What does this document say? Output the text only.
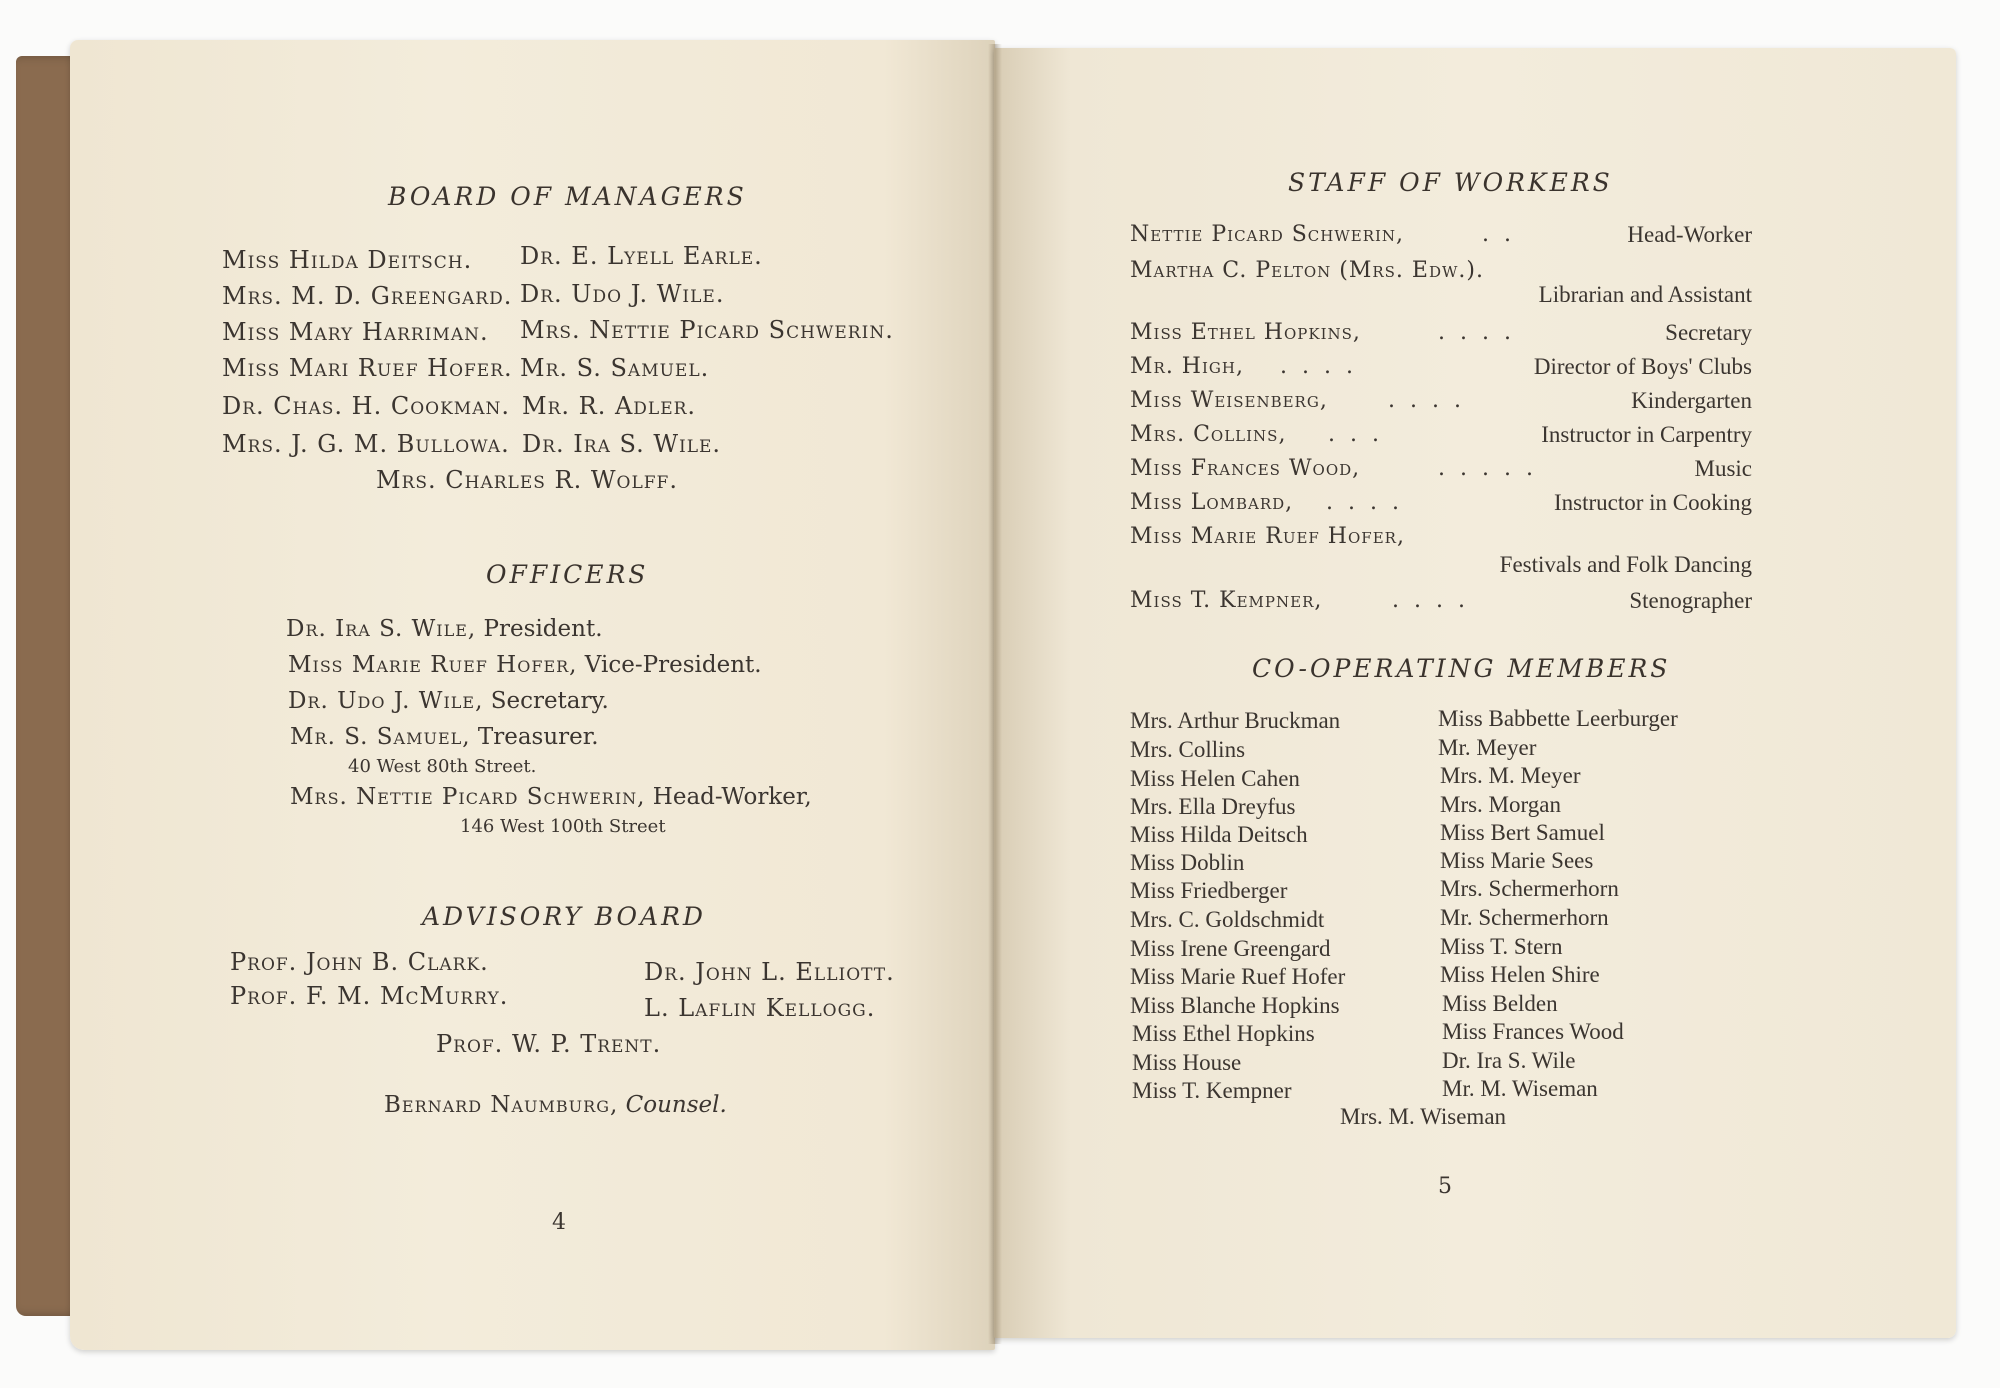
BOARD OF MANAGERS
Miss Hilda Deitsch.
Mrs. M. D. Greengard.
Miss Mary Harriman.
Miss Mari Ruef Hofer.
Dr. Chas. H. Cookman.
Mrs. J. G. M. Bullowa.
Dr. E. Lyell Earle.
Dr. Udo J. Wile.
Mrs. Nettie Picard Schwerin.
Mr. S. Samuel.
Mr. R. Adler.
Dr. Ira S. Wile.
Mrs. Charles R. Wolff.
OFFICERS
Dr. Ira S. Wile, President.
Miss Marie Ruef Hofer, Vice-President.
Dr. Udo J. Wile, Secretary.
Mr. S. Samuel, Treasurer.
40 West 80th Street.
Mrs. Nettie Picard Schwerin, Head-Worker,
146 West 100th Street
ADVISORY BOARD
Prof. John B. Clark.
Prof. F. M. McMurry.
Dr. John L. Elliott.
L. Laflin Kellogg.
Prof. W. P. Trent.
Bernard Naumburg, Counsel.
4
STAFF OF WORKERS
Nettie Picard Schwerin,	. .	Head-Worker
Martha C. Pelton (Mrs. Edw.).
Librarian and Assistant
Miss Ethel Hopkins,	. . . .	Secretary
Mr. High, . . . .	Director of Boys' Clubs
Miss Weisenberg,	. . . .	Kindergarten
Mrs. Collins, . . .	Instructor in Carpentry
Miss Frances Wood,	. . . . .	Music
Miss Lombard, . . . .	Instructor in Cooking
Miss Marie Ruef Hofer,
Festivals and Folk Dancing
Miss T. Kempner,	. . . .	Stenographer
CO-OPERATING MEMBERS
Mrs. Arthur Bruckman
Mrs. Collins
Miss Helen Cahen
Mrs. Ella Dreyfus
Miss Hilda Deitsch
Miss Doblin
Miss Friedberger
Mrs. C. Goldschmidt
Miss Irene Greengard
Miss Marie Ruef Hofer
Miss Blanche Hopkins
Miss Ethel Hopkins
Miss House
Miss T. Kempner
Miss Babbette Leerburger
Mr. Meyer
Mrs. M. Meyer
Mrs. Morgan
Miss Bert Samuel
Miss Marie Sees
Mrs. Schermerhorn
Mr. Schermerhorn
Miss T. Stern
Miss Helen Shire
Miss Belden
Miss Frances Wood
Dr. Ira S. Wile
Mr. M. Wiseman
Mrs. M. Wiseman
5
